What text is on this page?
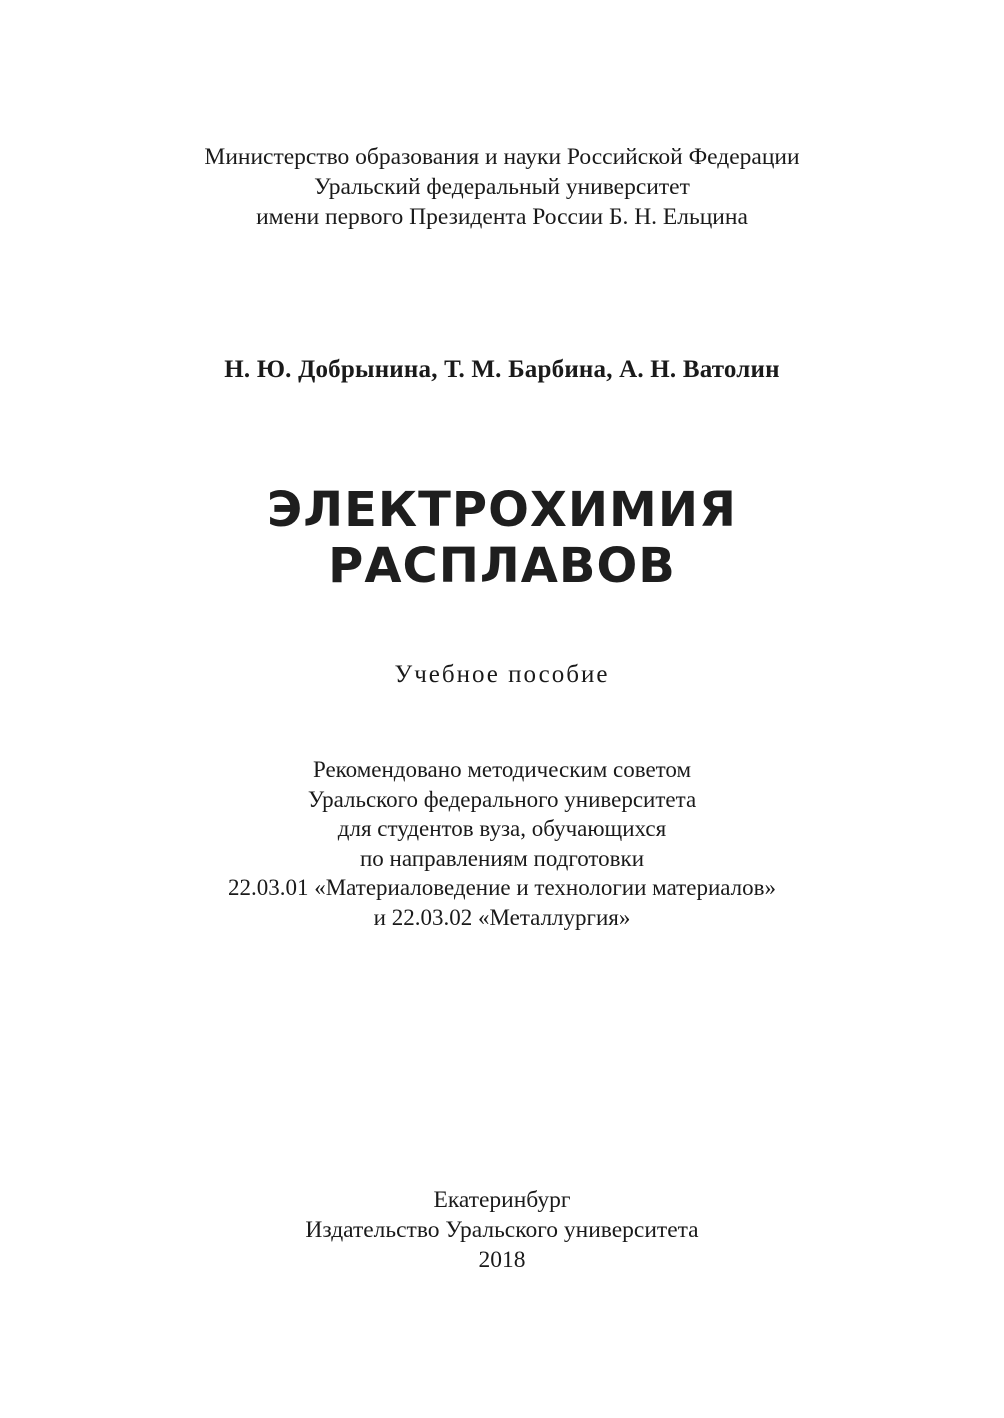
Министерство образования и науки Российской Федерации
Уральский федеральный университет
имени первого Президента России Б. Н. Ельцина
Н. Ю. Добрынина, Т. М. Барбина, А. Н. Ватолин
ЭЛЕКТРОХИМИЯ
РАСПЛАВОВ
Учебное пособие
Рекомендовано методическим советом
Уральского федерального университета
для студентов вуза, обучающихся
по направлениям подготовки
22.03.01 «Материаловедение и технологии материалов»
и 22.03.02 «Металлургия»
Екатеринбург
Издательство Уральского университета
2018
